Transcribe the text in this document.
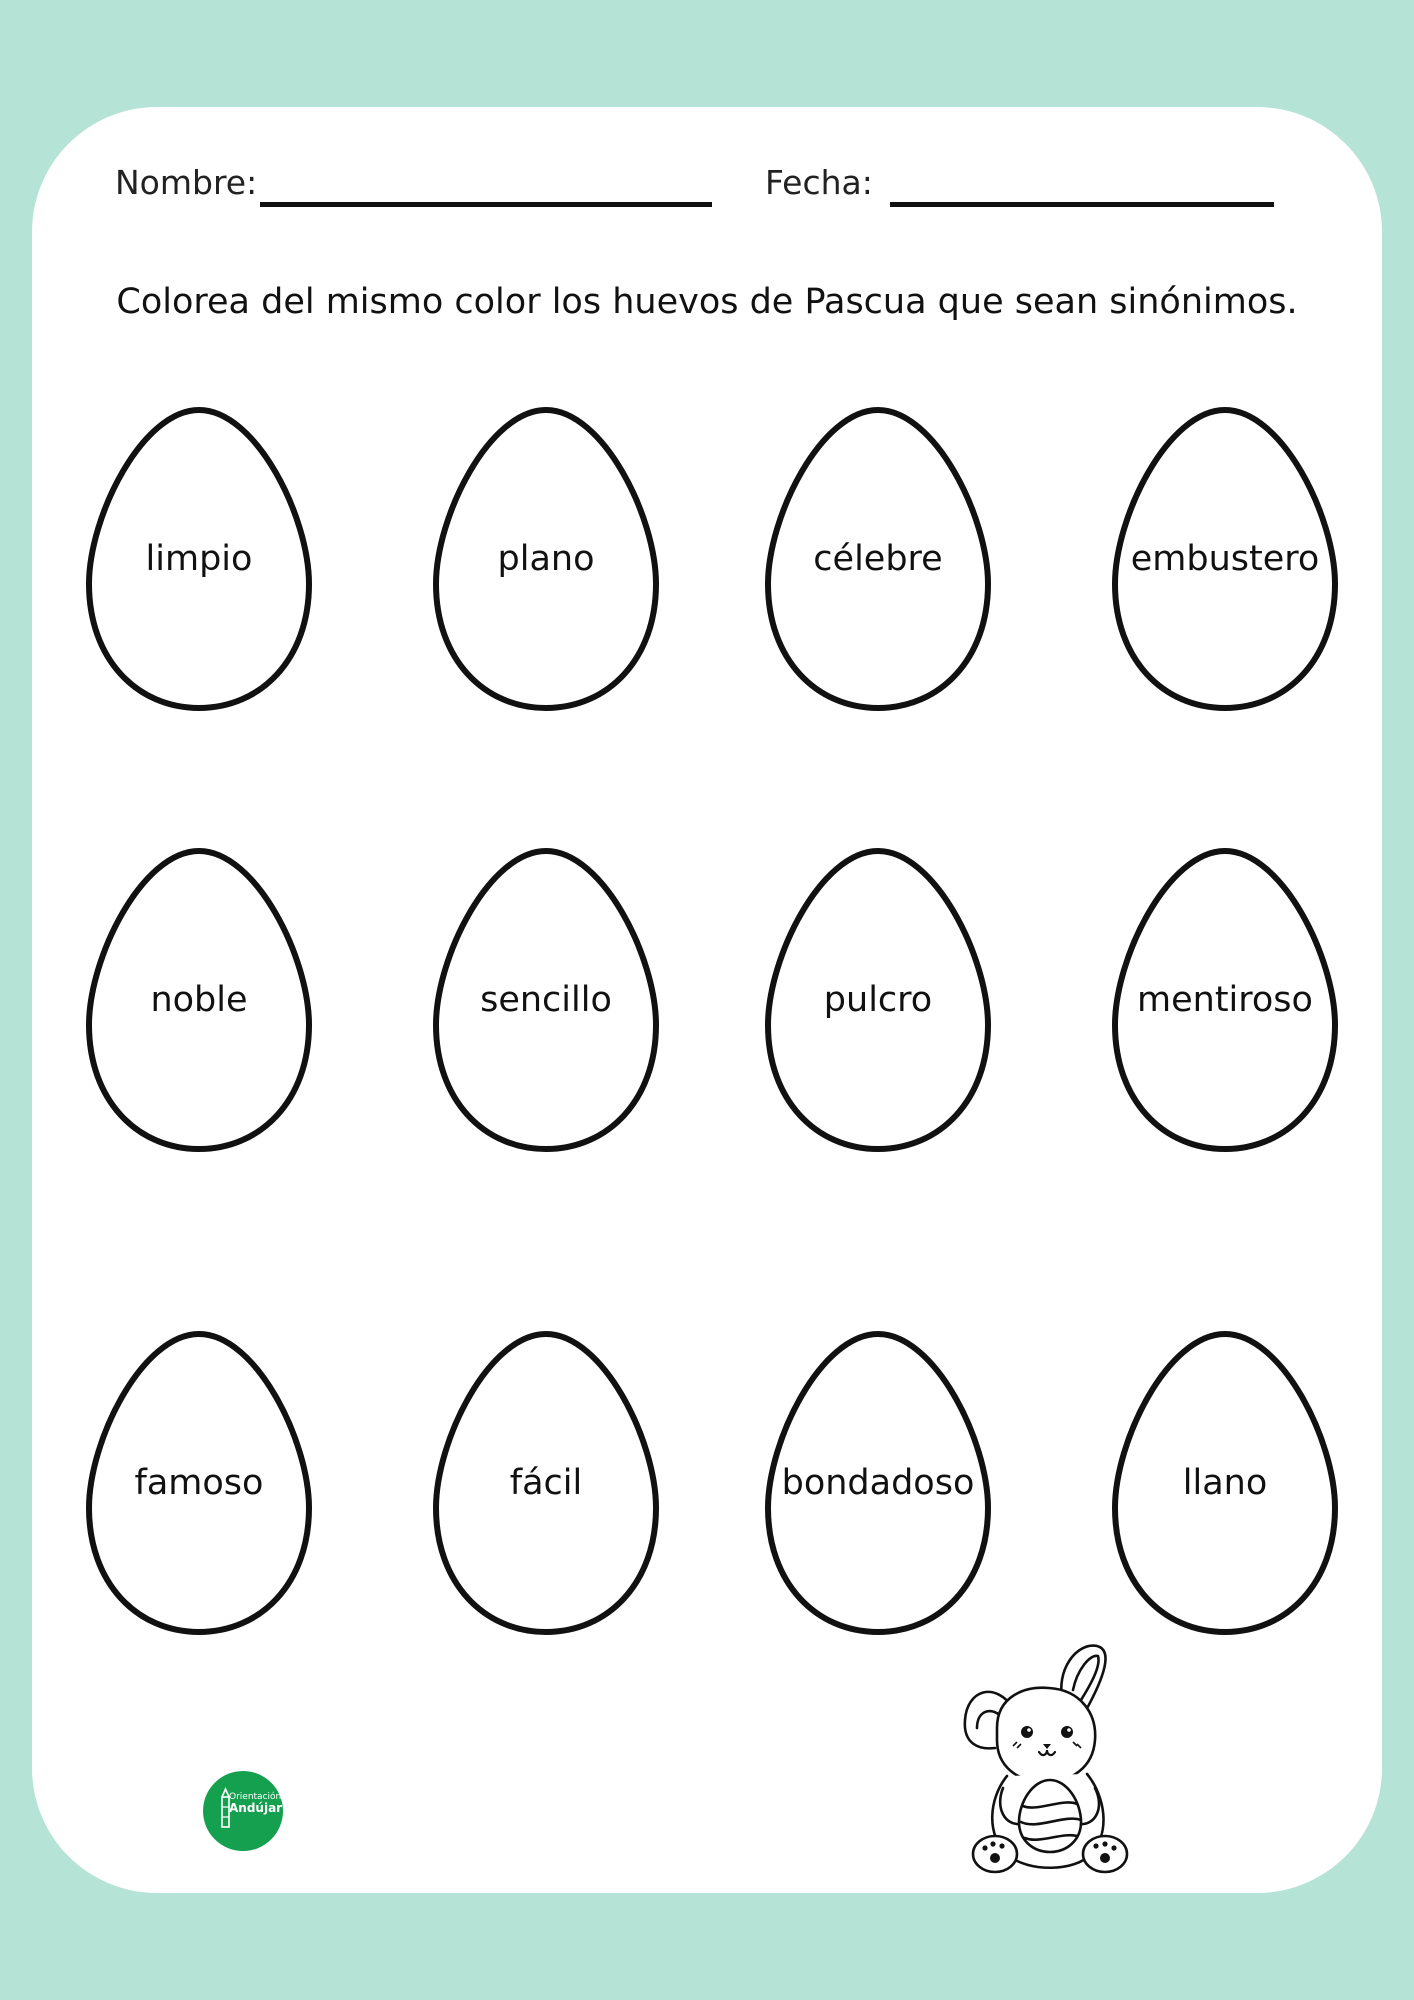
Nombre:	Fecha:
Colorea del mismo color los huevos de Pascua que sean sinónimos.
limpio	plano	célebre	embustero
noble	sencillo	pulcro	mentiroso
famoso	fácil	bondadoso	llano
Orientación
Andújar
